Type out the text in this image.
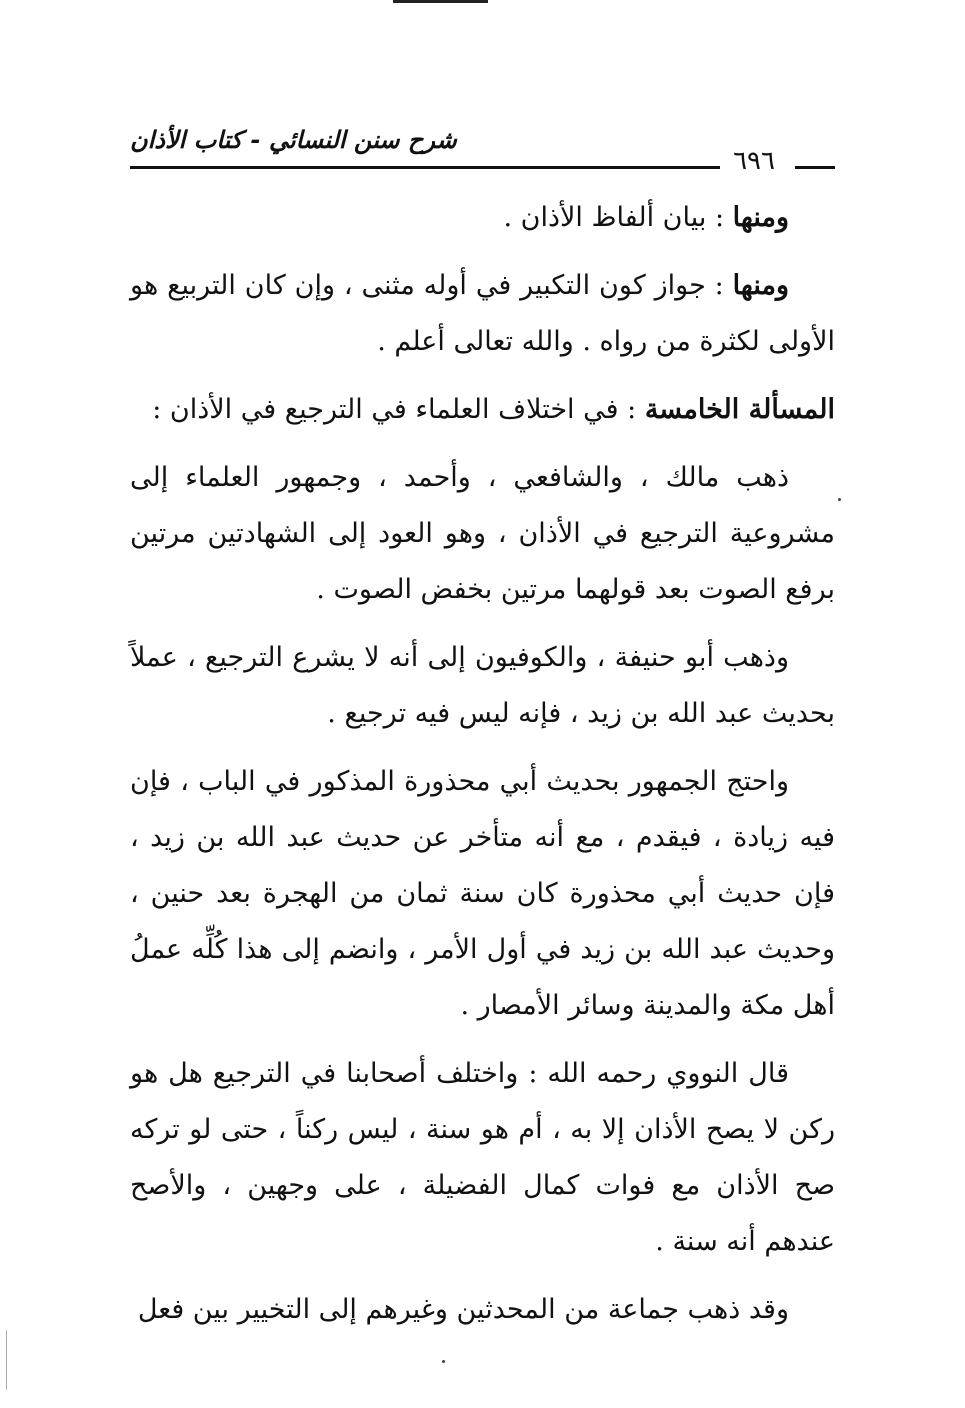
شرح سنن النسائي - كتاب الأذان
٦٩٦

ومنها : بيان ألفاظ الأذان .

ومنها : جواز كون التكبير في أوله مثنى ، وإن كان التربيع هو الأولى لكثرة من رواه . والله تعالى أعلم .

المسألة الخامسة : في اختلاف العلماء في الترجيع في الأذان :

ذهب مالك ، والشافعي ، وأحمد ، وجمهور العلماء إلى مشروعية الترجيع في الأذان ، وهو العود إلى الشهادتين مرتين برفع الصوت بعد قولهما مرتين بخفض الصوت .

وذهب أبو حنيفة ، والكوفيون إلى أنه لا يشرع الترجيع ، عملاً بحديث عبد الله بن زيد ، فإنه ليس فيه ترجيع .

واحتج الجمهور بحديث أبي محذورة المذكور في الباب ، فإن فيه زيادة ، فيقدم ، مع أنه متأخر عن حديث عبد الله بن زيد ، فإن حديث أبي محذورة كان سنة ثمان من الهجرة بعد حنين ، وحديث عبد الله بن زيد في أول الأمر ، وانضم إلى هذا كُلِّه عملُ أهل مكة والمدينة وسائر الأمصار .

قال النووي رحمه الله : واختلف أصحابنا في الترجيع هل هو ركن لا يصح الأذان إلا به ، أم هو سنة ، ليس ركناً ، حتى لو تركه صح الأذان مع فوات كمال الفضيلة ، على وجهين ، والأصح عندهم أنه سنة .

وقد ذهب جماعة من المحدثين وغيرهم إلى التخيير بين فعل
